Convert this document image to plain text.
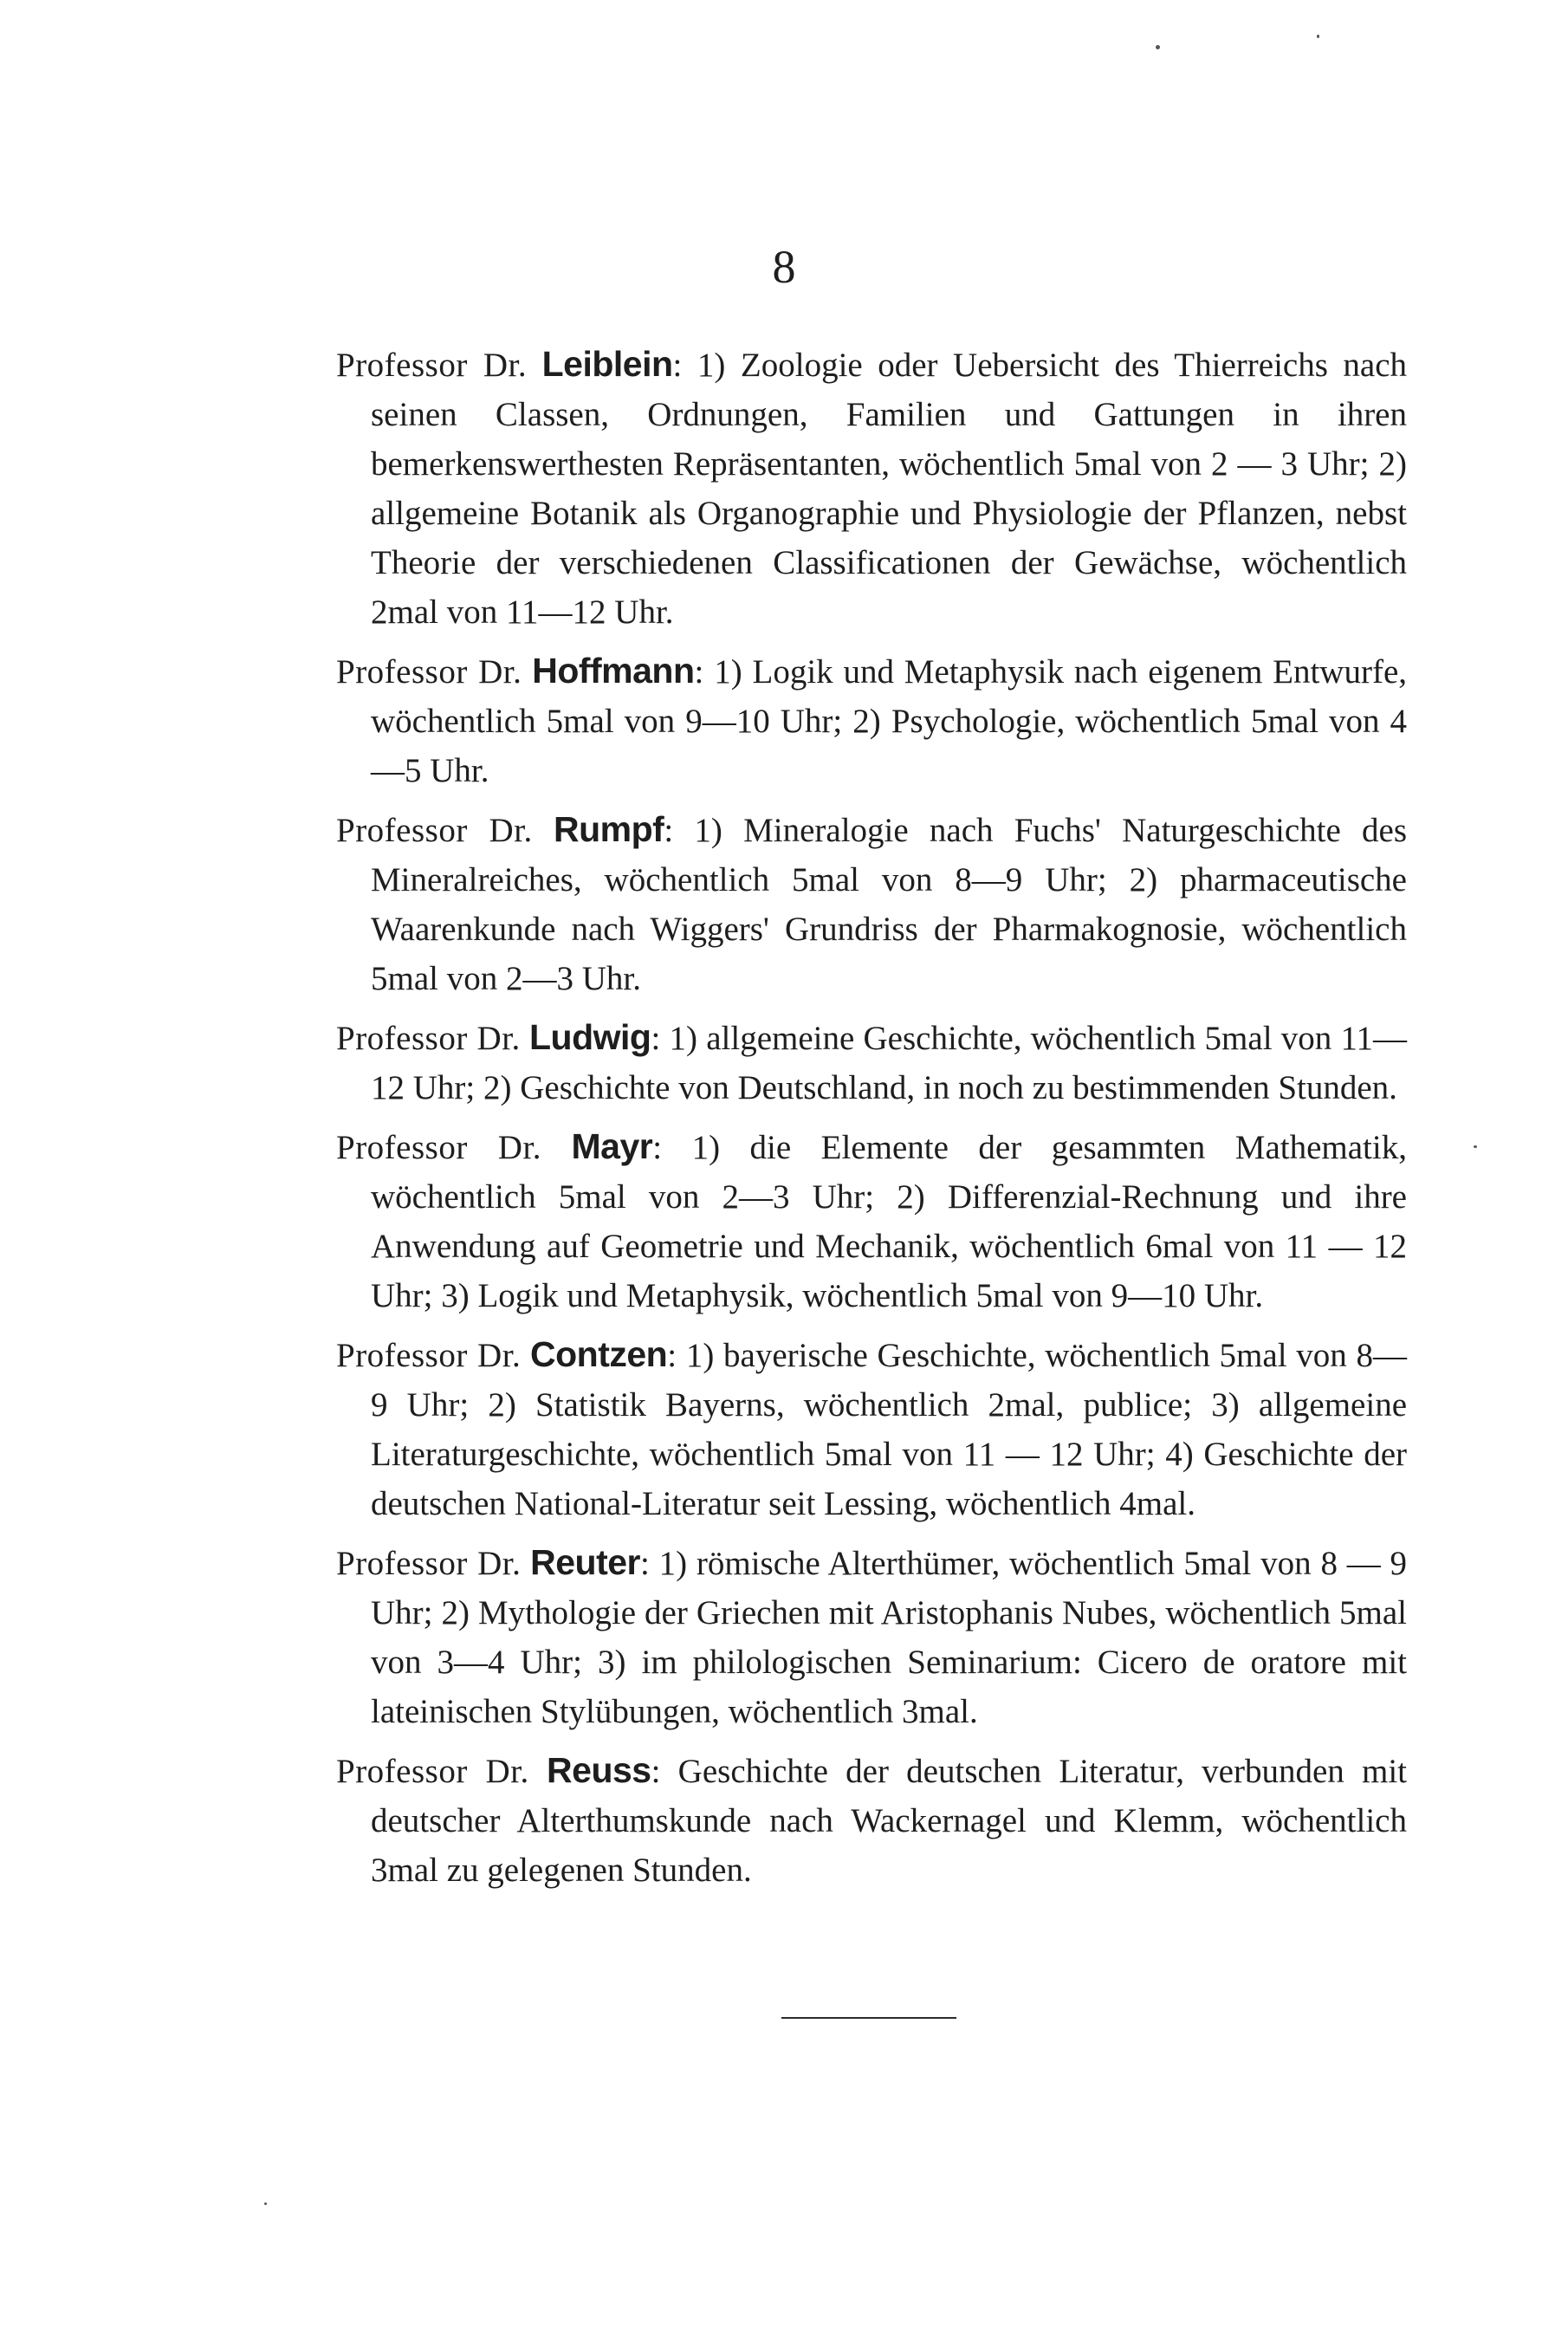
8

Professor Dr. Leiblein: 1) Zoologie oder Uebersicht des Thierreichs nach seinen Classen, Ordnungen, Familien und Gattungen in ihren bemerkenswerthesten Repräsentanten, wöchentlich 5mal von 2 — 3 Uhr; 2) allgemeine Botanik als Organographie und Physiologie der Pflanzen, nebst Theorie der verschiedenen Classificationen der Gewächse, wöchentlich 2mal von 11—12 Uhr.

Professor Dr. Hoffmann: 1) Logik und Metaphysik nach eigenem Entwurfe, wöchentlich 5mal von 9—10 Uhr; 2) Psychologie, wöchentlich 5mal von 4—5 Uhr.

Professor Dr. Rumpf: 1) Mineralogie nach Fuchs' Naturgeschichte des Mineralreiches, wöchentlich 5mal von 8—9 Uhr; 2) pharmaceutische Waarenkunde nach Wiggers' Grundriss der Pharmakognosie, wöchentlich 5mal von 2—3 Uhr.

Professor Dr. Ludwig: 1) allgemeine Geschichte, wöchentlich 5mal von 11—12 Uhr; 2) Geschichte von Deutschland, in noch zu bestimmenden Stunden.

Professor Dr. Mayr: 1) die Elemente der gesammten Mathematik, wöchentlich 5mal von 2—3 Uhr; 2) Differenzial-Rechnung und ihre Anwendung auf Geometrie und Mechanik, wöchentlich 6mal von 11 — 12 Uhr; 3) Logik und Metaphysik, wöchentlich 5mal von 9—10 Uhr.

Professor Dr. Contzen: 1) bayerische Geschichte, wöchentlich 5mal von 8—9 Uhr; 2) Statistik Bayerns, wöchentlich 2mal, publice; 3) allgemeine Literaturgeschichte, wöchentlich 5mal von 11 — 12 Uhr; 4) Geschichte der deutschen National-Literatur seit Lessing, wöchentlich 4mal.

Professor Dr. Reuter: 1) römische Alterthümer, wöchentlich 5mal von 8 — 9 Uhr; 2) Mythologie der Griechen mit Aristophanis Nubes, wöchentlich 5mal von 3—4 Uhr; 3) im philologischen Seminarium: Cicero de oratore mit lateinischen Stylübungen, wöchentlich 3mal.

Professor Dr. Reuss: Geschichte der deutschen Literatur, verbunden mit deutscher Alterthumskunde nach Wackernagel und Klemm, wöchentlich 3mal zu gelegenen Stunden.
